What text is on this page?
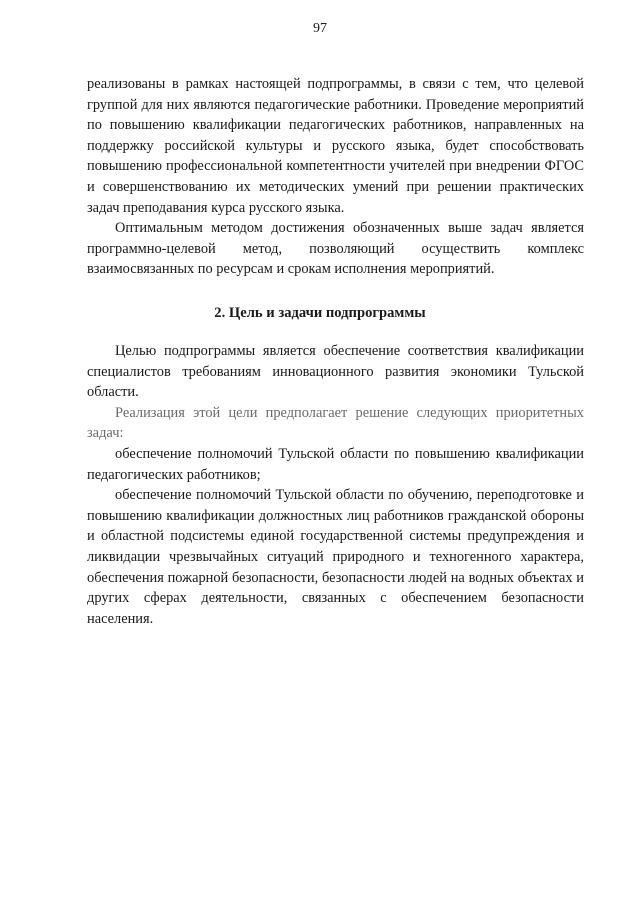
97

реализованы в рамках настоящей подпрограммы, в связи с тем, что целевой группой для них являются педагогические работники. Проведение мероприятий по повышению квалификации педагогических работников, направленных на поддержку российской культуры и русского языка, будет способствовать повышению профессиональной компетентности учителей при внедрении ФГОС и совершенствованию их методических умений при решении практических задач преподавания курса русского языка.

Оптимальным методом достижения обозначенных выше задач является программно-целевой метод, позволяющий осуществить комплекс взаимосвязанных по ресурсам и срокам исполнения мероприятий.

2. Цель и задачи подпрограммы

Целью подпрограммы является обеспечение соответствия квалификации специалистов требованиям инновационного развития экономики Тульской области.

Реализация этой цели предполагает решение следующих приоритетных задач:

обеспечение полномочий Тульской области по повышению квалификации педагогических работников;

обеспечение полномочий Тульской области по обучению, переподготовке и повышению квалификации должностных лиц работников гражданской обороны и областной подсистемы единой государственной системы предупреждения и ликвидации чрезвычайных ситуаций природного и техногенного характера, обеспечения пожарной безопасности, безопасности людей на водных объектах и других сферах деятельности, связанных с обеспечением безопасности населения.
